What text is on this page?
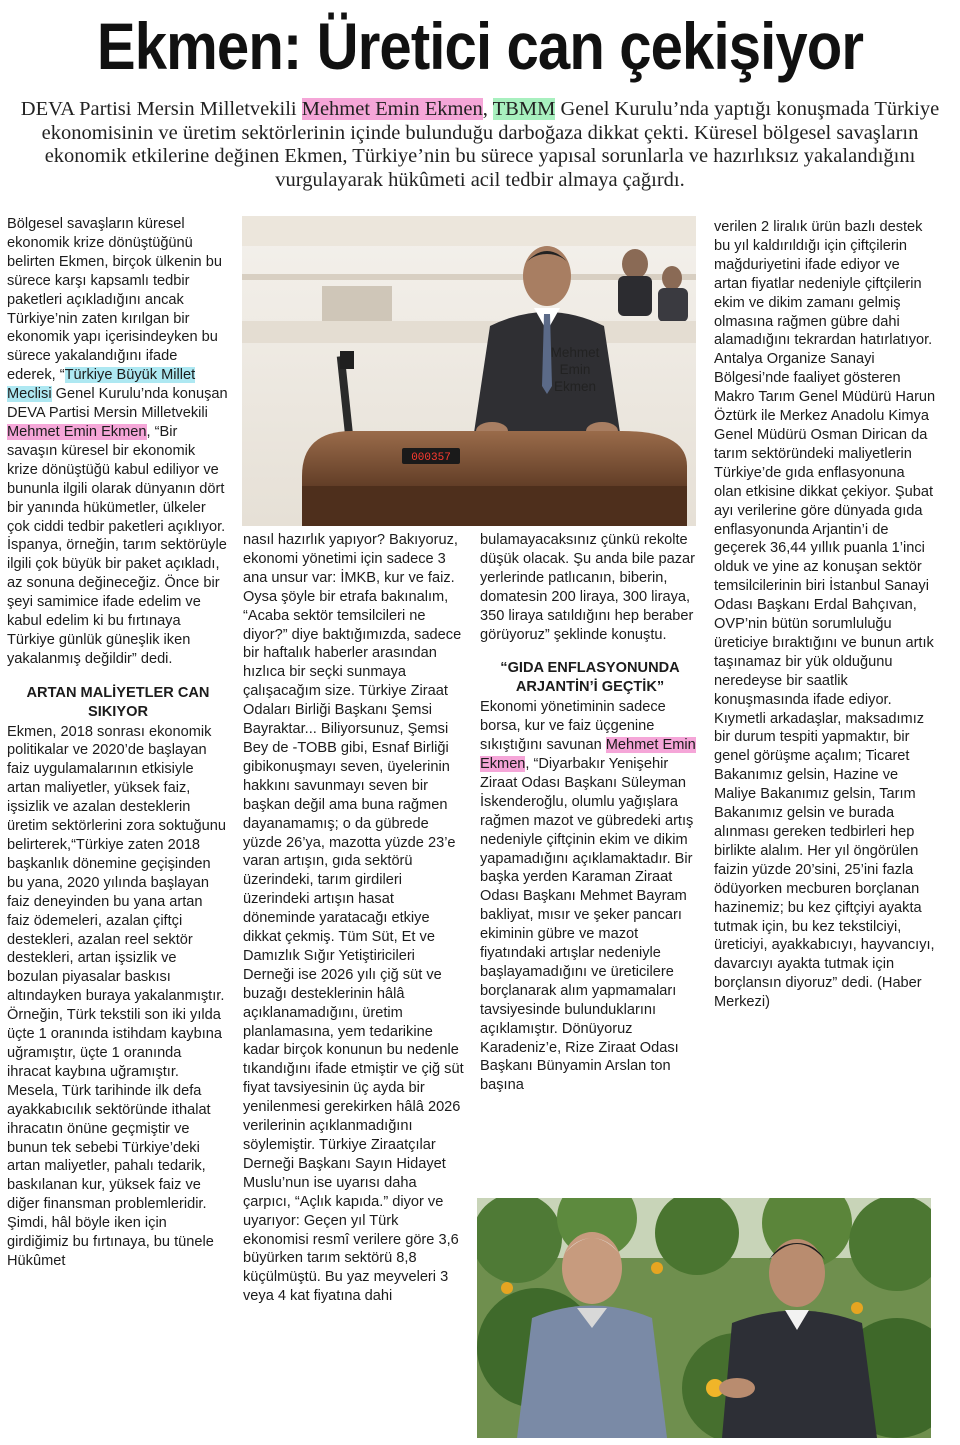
Ekmen: Üretici can çekişiyor
DEVA Partisi Mersin Milletvekili Mehmet Emin Ekmen, TBMM Genel Kurulu’nda yaptığı konuşmada Türkiye ekonomisinin ve üretim sektörlerinin içinde bulunduğu darboğaza dikkat çekti. Küresel bölgesel savaşların ekonomik etkilerine değinen Ekmen, Türkiye’nin bu sürece yapısal sorunlarla ve hazırlıksız yakalandığını vurgulayarak hükûmeti acil tedbir almaya çağırdı.

Bölgesel savaşların küresel ekonomik krize dönüştüğünü belirten Ekmen, birçok ülkenin bu sürece karşı kapsamlı tedbir paketleri açıkladığını ancak Türkiye’nin zaten kırılgan bir ekonomik yapı içerisindeyken bu sürece yakalandığını ifade ederek, “Türkiye Büyük Millet Meclisi Genel Kurulu’nda konuşan DEVA Partisi Mersin Milletvekili Mehmet Emin Ekmen, “Bir savaşın küresel bir ekonomik krize dönüştüğü kabul ediliyor ve bununla ilgili olarak dünyanın dört bir yanında hükümetler, ülkeler çok ciddi tedbir paketleri açıklıyor. İspanya, örneğin, tarım sektörüyle ilgili çok büyük bir paket açıkladı, az sonuna değineceğiz. Önce bir şeyi samimice ifade edelim ve kabul edelim ki bu fırtınaya Türkiye günlük güneşlik iken yakalanmış değildir” dedi.

ARTAN MALİYETLER CAN SIKIYOR

Ekmen, 2018 sonrası ekonomik politikalar ve 2020’de başlayan faiz uygulamalarının etkisiyle artan maliyetler, yüksek faiz, işsizlik ve azalan desteklerin üretim sektörlerini zora soktuğunu belirterek,“Türkiye zaten 2018 başkanlık dönemine geçişinden bu yana, 2020 yılında başlayan faiz deneyinden bu yana artan faiz ödemeleri, azalan çiftçi destekleri, azalan reel sektör destekleri, artan işsizlik ve bozulan piyasalar baskısı altındayken buraya yakalanmıştır. Örneğin, Türk tekstili son iki yılda üçte 1 oranında istihdam kaybına uğramıştır, üçte 1 oranında ihracat kaybına uğramıştır. Mesela, Türk tarihinde ilk defa ayakkabıcılık sektöründe ithalat ihracatın önüne geçmiştir ve bunun tek sebebi Türkiye’deki artan maliyetler, pahalı tedarik, baskılanan kur, yüksek faiz ve diğer finansman problemleridir. Şimdi, hâl böyle iken için girdiğimiz bu fırtınaya, bu tünele Hükûmet

000357
Mehmet Emin Ekmen

nasıl hazırlık yapıyor? Bakıyoruz, ekonomi yönetimi için sadece 3 ana unsur var: İMKB, kur ve faiz. Oysa şöyle bir etrafa bakınalım, “Acaba sektör temsilcileri ne diyor?” diye baktığımızda, sadece bir haftalık haberler arasından hızlıca bir seçki sunmaya çalışacağım size. Türkiye Ziraat Odaları Birliği Başkanı Şemsi Bayraktar... Biliyorsunuz, Şemsi Bey de -TOBB gibi, Esnaf Birliği gibikonuşmayı seven, üyelerinin hakkını savunmayı seven bir başkan değil ama buna rağmen dayanamamış; o da gübrede yüzde 26’ya, mazotta yüzde 23’e varan artışın, gıda sektörü üzerindeki, tarım girdileri üzerindeki artışın hasat döneminde yaratacağı etkiye dikkat çekmiş. Tüm Süt, Et ve Damızlık Sığır Yetiştiricileri Derneği ise 2026 yılı çiğ süt ve buzağı desteklerinin hâlâ açıklanamadığını, üretim planlamasına, yem tedarikine kadar birçok konunun bu nedenle tıkandığını ifade etmiştir ve çiğ süt fiyat tavsiyesinin üç ayda bir yenilenmesi gerekirken hâlâ 2026 verilerinin açıklanmadığını söylemiştir. Türkiye Ziraatçılar Derneği Başkanı Sayın Hidayet Muslu’nun ise uyarısı daha çarpıcı, “Açlık kapıda.” diyor ve uyarıyor: Geçen yıl Türk ekonomisi resmî verilere göre 3,6 büyürken tarım sektörü 8,8 küçülmüştü. Bu yaz meyveleri 3 veya 4 kat fiyatına dahi

bulamayacaksınız çünkü rekolte düşük olacak. Şu anda bile pazar yerlerinde patlıcanın, biberin, domatesin 200 liraya, 300 liraya, 350 liraya satıldığını hep beraber görüyoruz” şeklinde konuştu.

“GIDA ENFLASYONUNDA ARJANTİN’İ GEÇTİK”

Ekonomi yönetiminin sadece borsa, kur ve faiz üçgenine sıkıştığını savunan Mehmet Emin Ekmen, “Diyarbakır Yenişehir Ziraat Odası Başkanı Süleyman İskenderoğlu, olumlu yağışlara rağmen mazot ve gübredeki artış nedeniyle çiftçinin ekim ve dikim yapamadığını açıklamaktadır. Bir başka yerden Karaman Ziraat Odası Başkanı Mehmet Bayram bakliyat, mısır ve şeker pancarı ekiminin gübre ve mazot fiyatındaki artışlar nedeniyle başlayamadığını ve üreticilere borçlanarak alım yapmamaları tavsiyesinde bulunduklarını açıklamıştır. Dönüyoruz Karadeniz’e, Rize Ziraat Odası Başkanı Bünyamin Arslan ton başına

verilen 2 liralık ürün bazlı destek bu yıl kaldırıldığı için çiftçilerin mağduriyetini ifade ediyor ve artan fiyatlar nedeniyle çiftçilerin ekim ve dikim zamanı gelmiş olmasına rağmen gübre dahi alamadığını tekrardan hatırlatıyor. Antalya Organize Sanayi Bölgesi’nde faaliyet gösteren Makro Tarım Genel Müdürü Harun Öztürk ile Merkez Anadolu Kimya Genel Müdürü Osman Dirican da tarım sektöründeki maliyetlerin Türkiye’de gıda enflasyonuna olan etkisine dikkat çekiyor. Şubat ayı verilerine göre dünyada gıda enflasyonunda Arjantin’i de geçerek 36,44 yıllık puanla 1’inci olduk ve yine az konuşan sektör temsilcilerinin biri İstanbul Sanayi Odası Başkanı Erdal Bahçıvan, OVP’nin bütün sorumluluğu üreticiye bıraktığını ve bunun artık taşınamaz bir yük olduğunu neredeyse bir saatlik konuşmasında ifade ediyor. Kıymetli arkadaşlar, maksadımız bir durum tespiti yapmaktır, bir genel görüşme açalım; Ticaret Bakanımız gelsin, Hazine ve Maliye Bakanımız gelsin, Tarım Bakanımız gelsin ve burada alınması gereken tedbirleri hep birlikte alalım. Her yıl öngörülen faizin yüzde 20’sini, 25’ini fazla ödüyorken mecburen borçlanan hazinemiz; bu kez çiftçiyi ayakta tutmak için, bu kez tekstilciyi, üreticiyi, ayakkabıcıyı, hayvancıyı, davarcıyı ayakta tutmak için borçlansın diyoruz” dedi. (Haber Merkezi)
